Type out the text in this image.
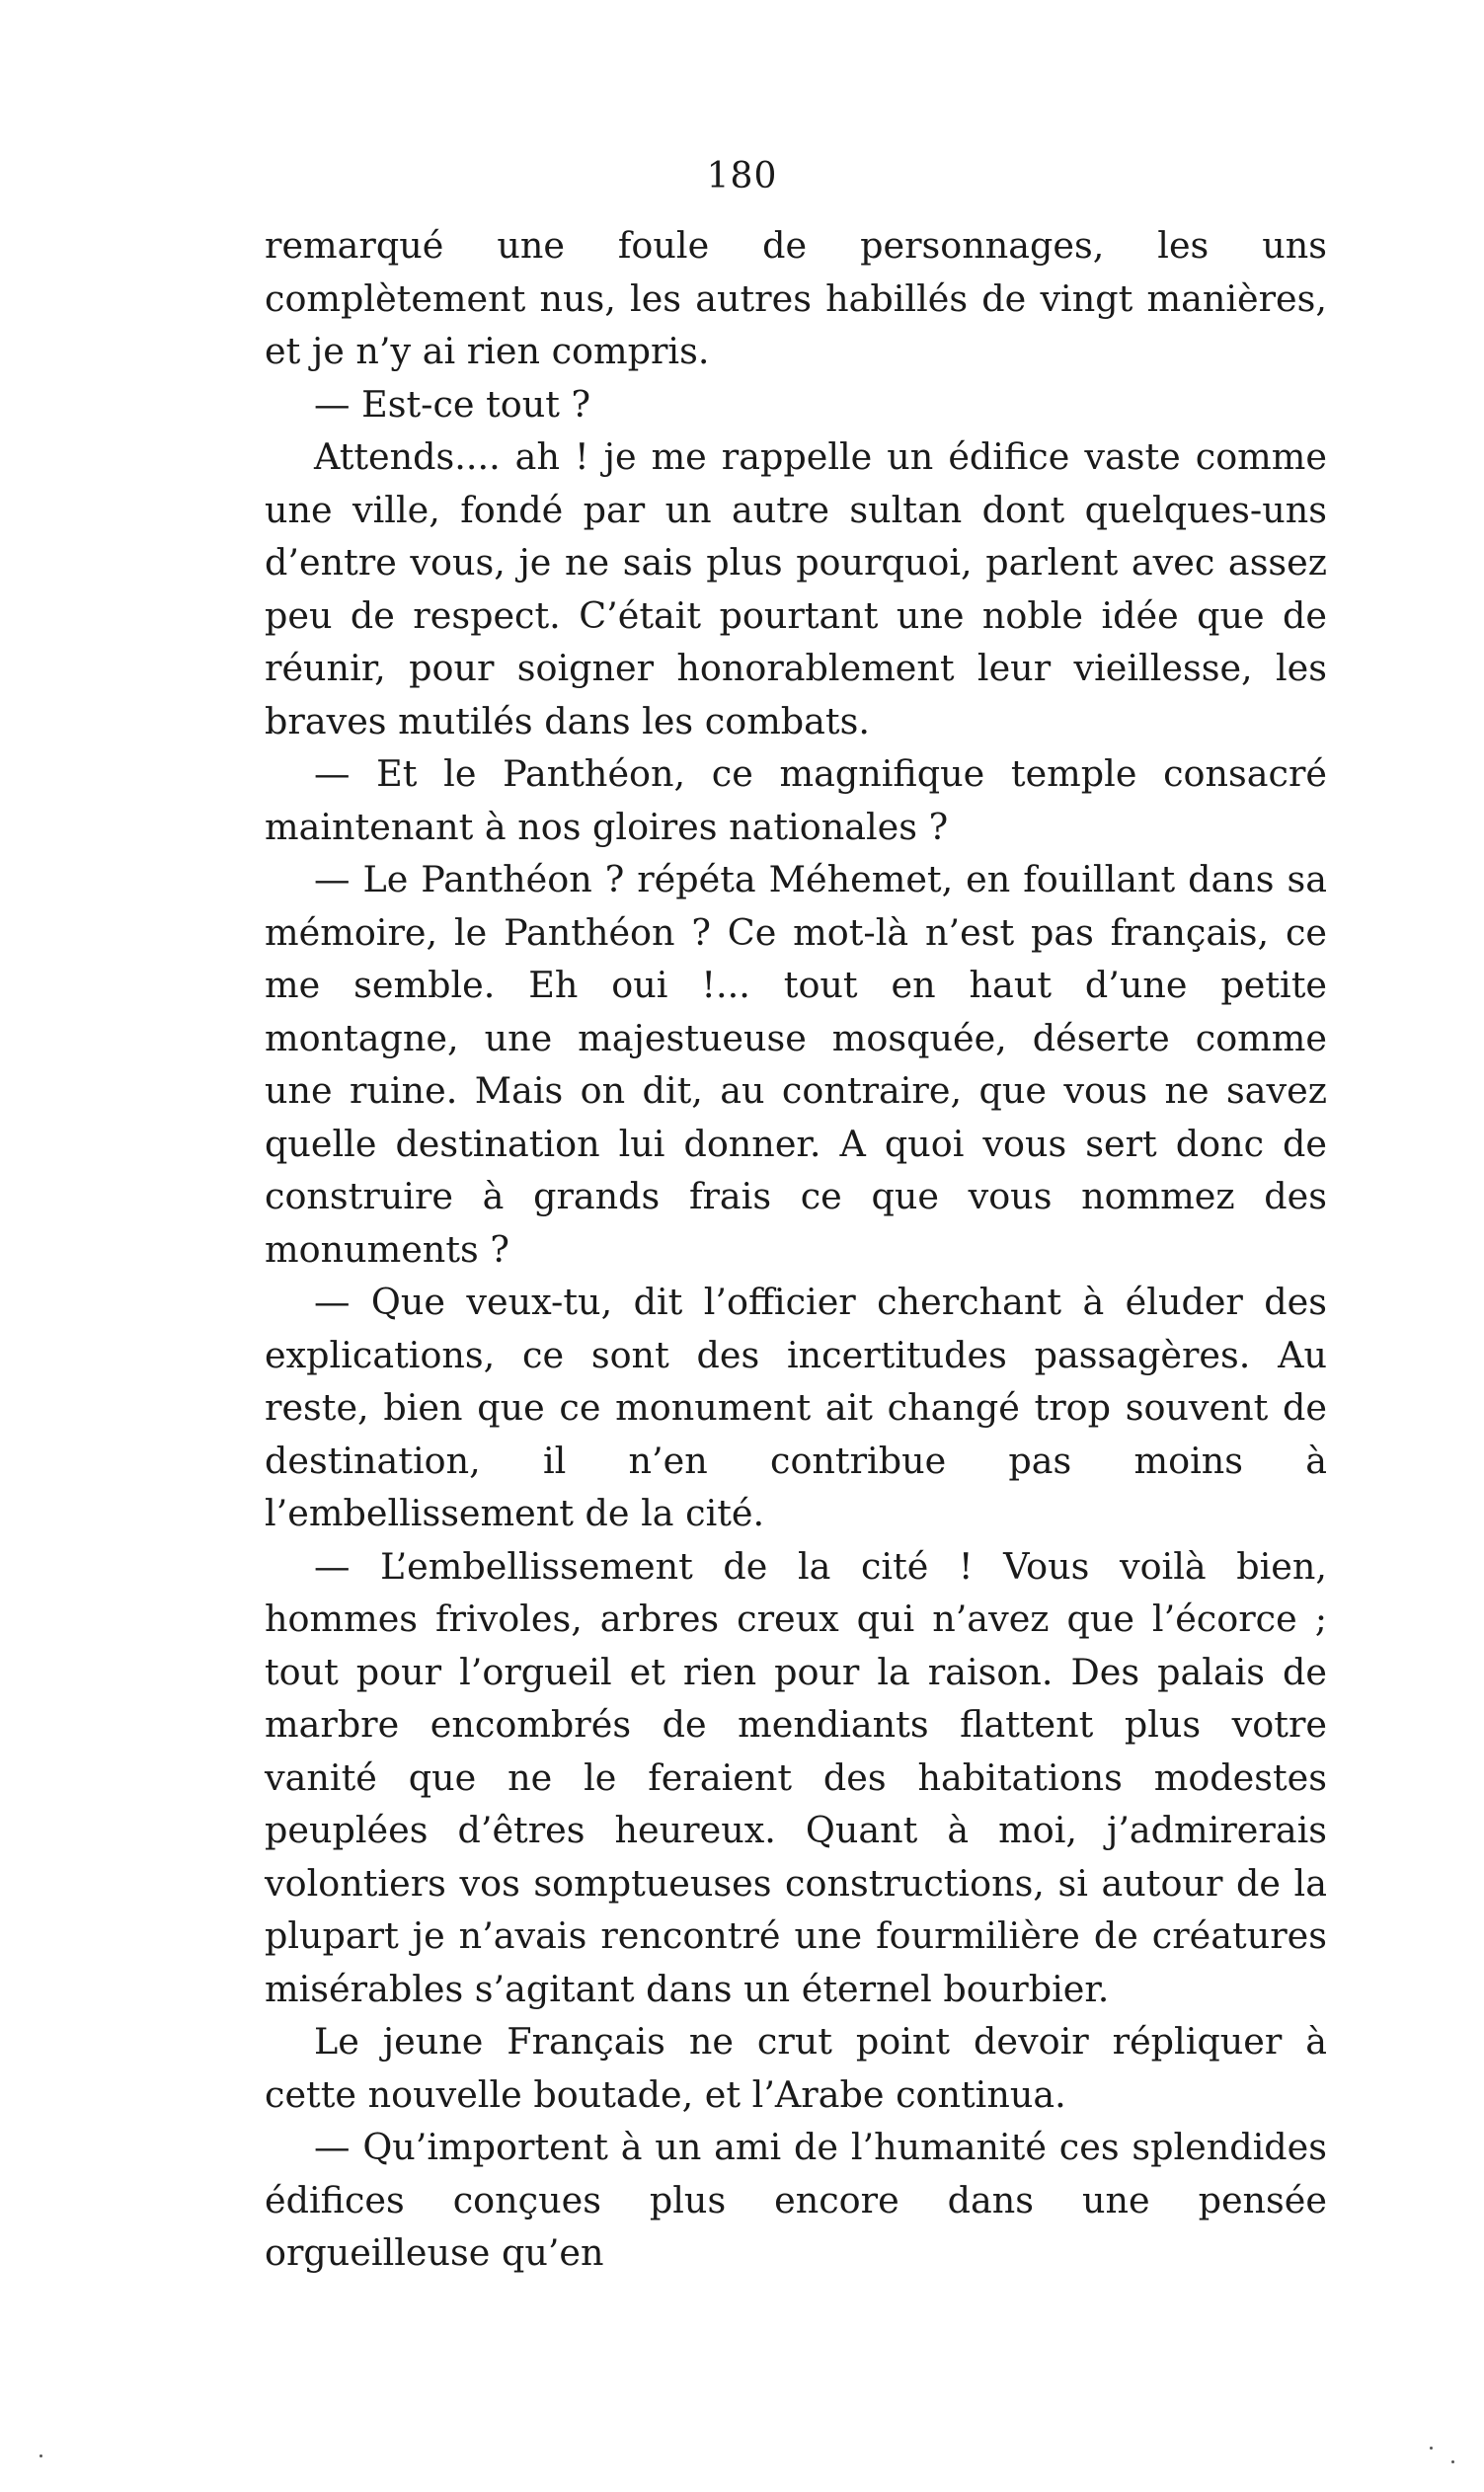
180

remarqué une foule de personnages, les uns complètement nus, les autres habillés de vingt manières, et je n’y ai rien compris.

— Est-ce tout ?

Attends.... ah ! je me rappelle un édifice vaste comme une ville, fondé par un autre sultan dont quelques-uns d’entre vous, je ne sais plus pourquoi, parlent avec assez peu de respect. C’était pourtant une noble idée que de réunir, pour soigner honorablement leur vieillesse, les braves mutilés dans les combats.

— Et le Panthéon, ce magnifique temple consacré maintenant à nos gloires nationales ?

— Le Panthéon ? répéta Méhemet, en fouillant dans sa mémoire, le Panthéon ? Ce mot-là n’est pas français, ce me semble. Eh oui !... tout en haut d’une petite montagne, une majestueuse mosquée, déserte comme une ruine. Mais on dit, au contraire, que vous ne savez quelle destination lui donner. A quoi vous sert donc de construire à grands frais ce que vous nommez des monuments ?

— Que veux-tu, dit l’officier cherchant à éluder des explications, ce sont des incertitudes passagères. Au reste, bien que ce monument ait changé trop souvent de destination, il n’en contribue pas moins à l’embellissement de la cité.

— L’embellissement de la cité ! Vous voilà bien, hommes frivoles, arbres creux qui n’avez que l’écorce ; tout pour l’orgueil et rien pour la raison. Des palais de marbre encombrés de mendiants flattent plus votre vanité que ne le feraient des habitations modestes peuplées d’êtres heureux. Quant à moi, j’admirerais volontiers vos somptueuses constructions, si autour de la plupart je n’avais rencontré une fourmilière de créatures misérables s’agitant dans un éternel bourbier.

Le jeune Français ne crut point devoir répliquer à cette nouvelle boutade, et l’Arabe continua.

— Qu’importent à un ami de l’humanité ces splendides édifices conçues plus encore dans une pensée orgueilleuse qu’en
